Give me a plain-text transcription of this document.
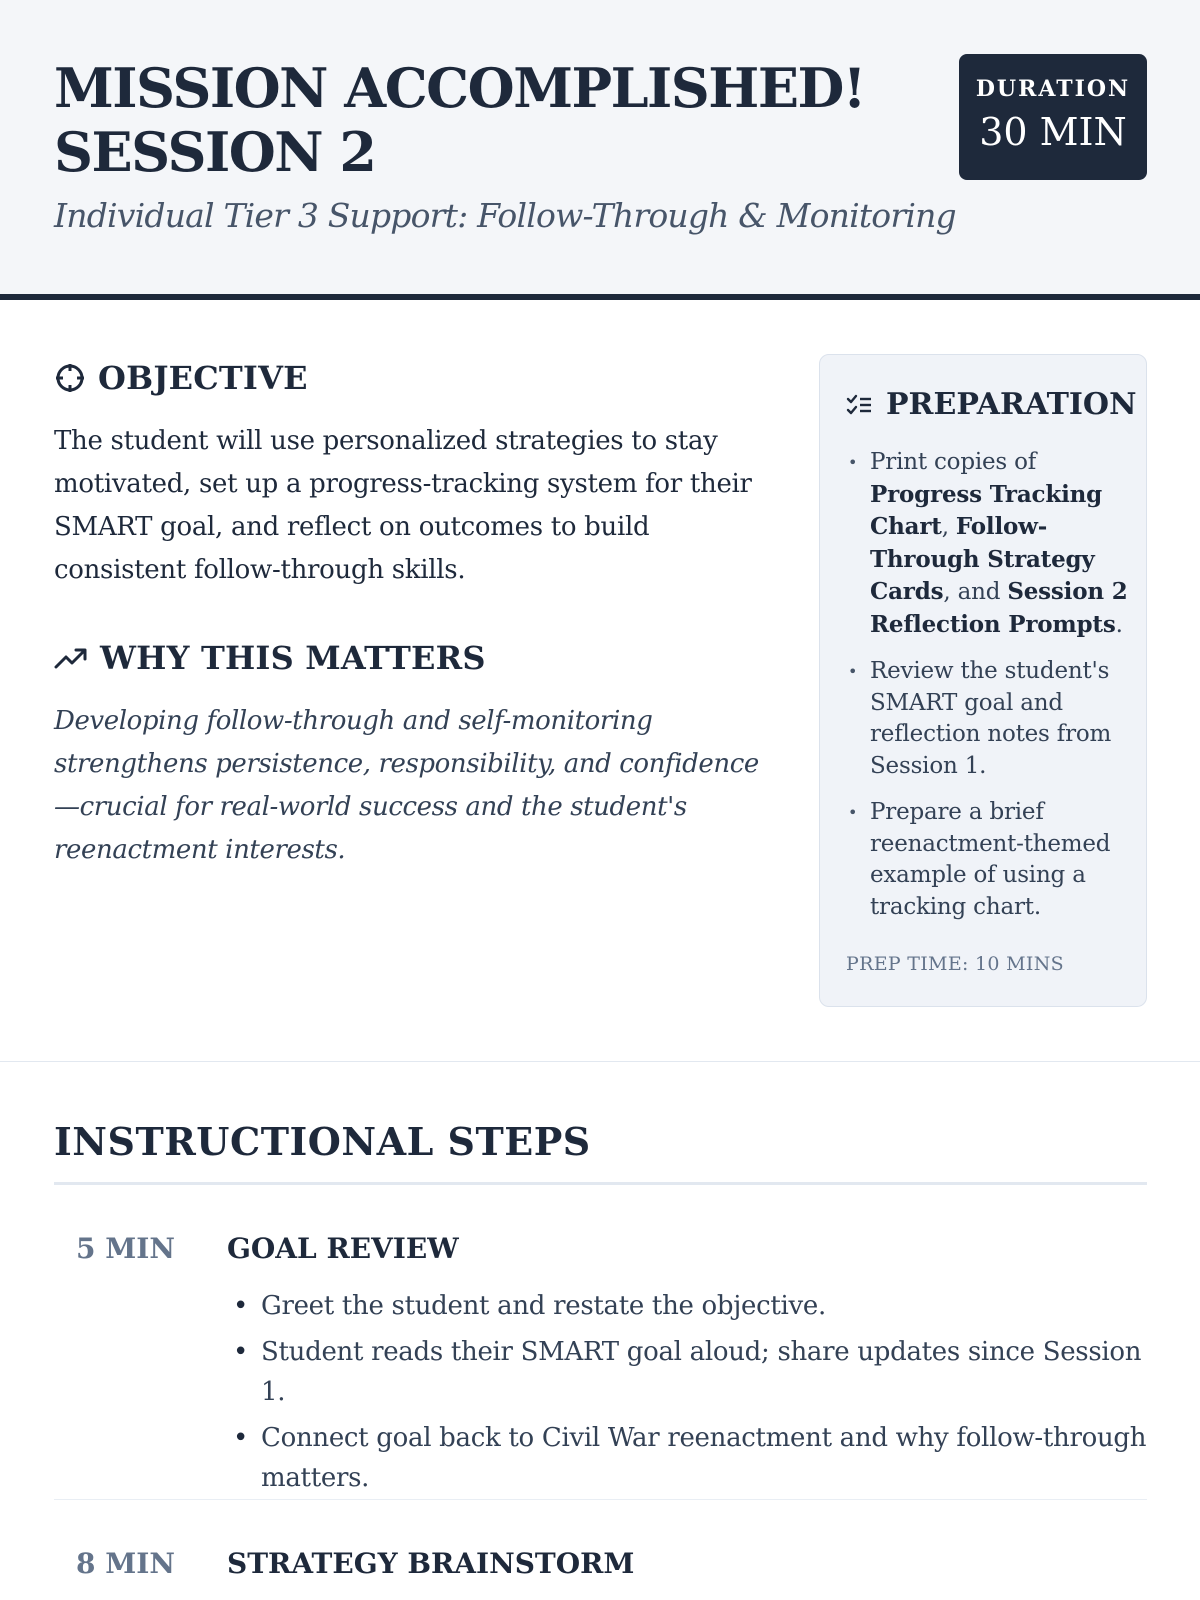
MISSION ACCOMPLISHED!
SESSION 2
Individual Tier 3 Support: Follow-Through & Monitoring
DURATION
30 MIN
OBJECTIVE
The student will use personalized strategies to stay motivated, set up a progress-tracking system for their SMART goal, and reflect on outcomes to build consistent follow-through skills.
WHY THIS MATTERS
Developing follow-through and self-monitoring strengthens persistence, responsibility, and confidence—crucial for real-world success and the student's reenactment interests.
PREPARATION
• Print copies of Progress Tracking Chart, Follow-Through Strategy Cards, and Session 2 Reflection Prompts.
• Review the student's SMART goal and reflection notes from Session 1.
• Prepare a brief reenactment-themed example of using a tracking chart.
PREP TIME: 10 MINS
INSTRUCTIONAL STEPS
5 MIN GOAL REVIEW
• Greet the student and restate the objective.
• Student reads their SMART goal aloud; share updates since Session 1.
• Connect goal back to Civil War reenactment and why follow-through matters.
8 MIN STRATEGY BRAINSTORM
